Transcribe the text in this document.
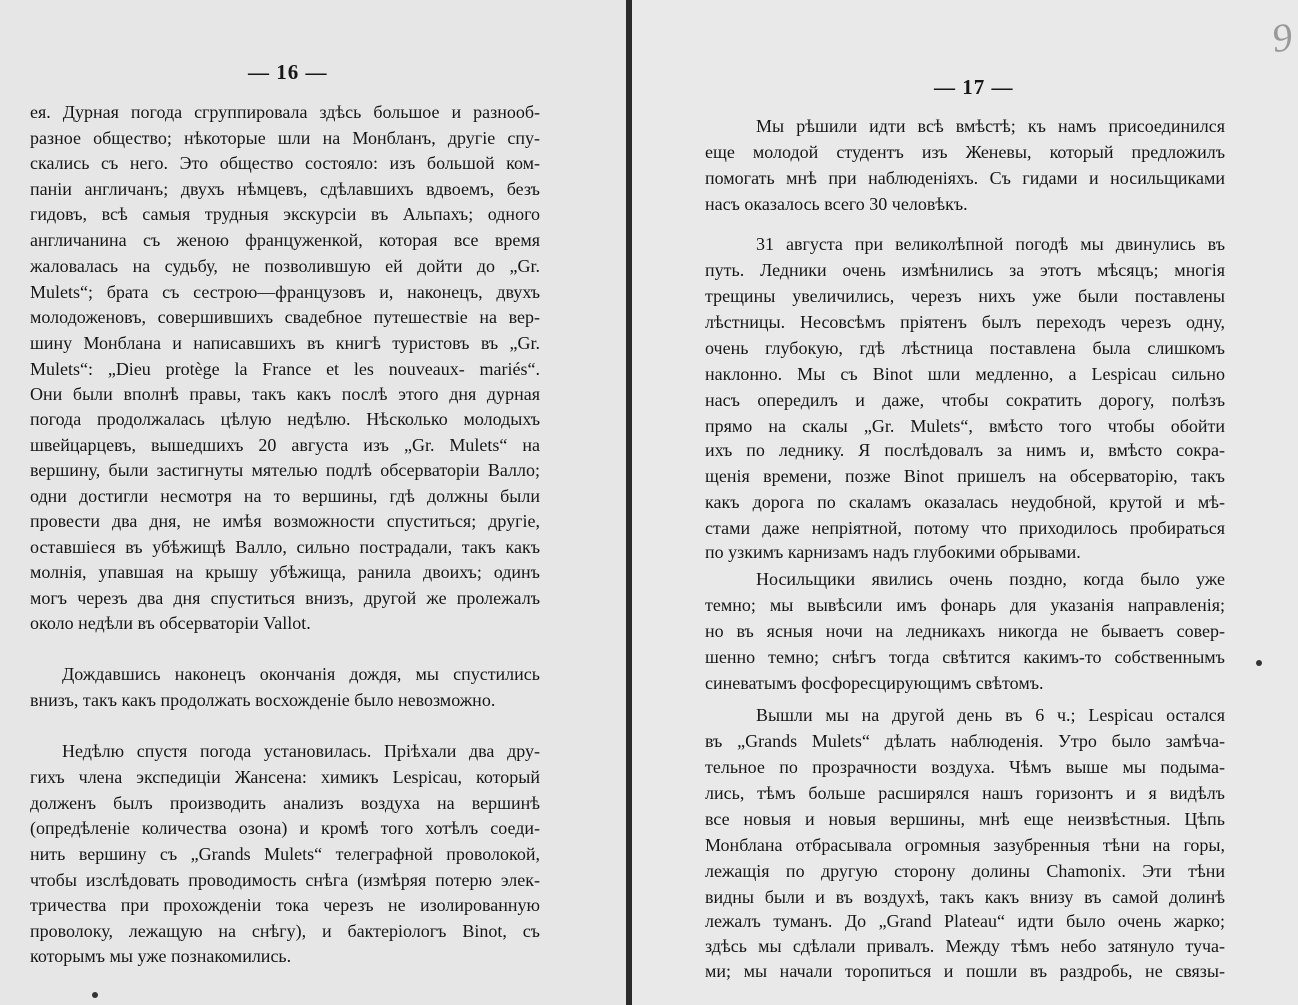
— 16 —
ея. Дурная погода сгруппировала здѣсь большое и разнооб-
разное общество; нѣкоторые шли на Монбланъ, другіе спу-
скались съ него. Это общество состояло: изъ большой ком-
паніи англичанъ; двухъ нѣмцевъ, сдѣлавшихъ вдвоемъ, безъ
гидовъ, всѣ самыя трудныя экскурсіи въ Альпахъ; одного
англичанина съ женою француженкой, которая все время
жаловалась на судьбу, не позволившую ей дойти до „Gr.
Mulets“; брата съ сестрою—французовъ и, наконецъ, двухъ
молодоженовъ, совершившихъ свадебное путешествіе на вер-
шину Монблана и написавшихъ въ книгѣ туристовъ въ „Gr.
Mulets“: „Dieu protège la France et les nouveaux- mariés“.
Они были вполнѣ правы, такъ какъ послѣ этого дня дурная
погода продолжалась цѣлую недѣлю. Нѣсколько молодыхъ
швейцарцевъ, вышедшихъ 20 августа изъ „Gr. Mulets“ на
вершину, были застигнуты мятелью подлѣ обсерваторіи Валло;
одни достигли несмотря на то вершины, гдѣ должны были
провести два дня, не имѣя возможности спуститься; другіе,
оставшіеся въ убѣжищѣ Валло, сильно пострадали, такъ какъ
молнія, упавшая на крышу убѣжища, ранила двоихъ; одинъ
могъ черезъ два дня спуститься внизъ, другой же пролежалъ
около недѣли въ обсерваторіи Vallot.
Дождавшись наконецъ окончанія дождя, мы спустились
внизъ, такъ какъ продолжать восхожденіе было невозможно.
Недѣлю спустя погода установилась. Пріѣхали два дру-
гихъ члена экспедиціи Жансена: химикъ Lespicau, который
долженъ былъ производить анализъ воздуха на вершинѣ
(опредѣленіе количества озона) и кромѣ того хотѣлъ соеди-
нить вершину съ „Grands Mulets“ телеграфной проволокой,
чтобы изслѣдовать проводимость снѣга (измѣряя потерю элек-
тричества при прохожденіи тока черезъ не изолированную
проволоку, лежащую на снѣгу), и бактеріологъ Binot, съ
которымъ мы уже познакомились.
— 17 —
9
Мы рѣшили идти всѣ вмѣстѣ; къ намъ присоединился
еще молодой студентъ изъ Женевы, который предложилъ
помогать мнѣ при наблюденіяхъ. Съ гидами и носильщиками
насъ оказалось всего 30 человѣкъ.
31 августа при великолѣпной погодѣ мы двинулись въ
путь. Ледники очень измѣнились за этотъ мѣсяцъ; многія
трещины увеличились, черезъ нихъ уже были поставлены
лѣстницы. Несовсѣмъ пріятенъ былъ переходъ черезъ одну,
очень глубокую, гдѣ лѣстница поставлена была слишкомъ
наклонно. Мы съ Binot шли медленно, а Lespicau сильно
насъ опередилъ и даже, чтобы сократить дорогу, полѣзъ
прямо на скалы „Gr. Mulets“, вмѣсто того чтобы обойти
ихъ по леднику. Я послѣдовалъ за нимъ и, вмѣсто сокра-
щенія времени, позже Binot пришелъ на обсерваторію, такъ
какъ дорога по скаламъ оказалась неудобной, крутой и мѣ-
стами даже непріятной, потому что приходилось пробираться
по узкимъ карнизамъ надъ глубокими обрывами.
Носильщики явились очень поздно, когда было уже
темно; мы вывѣсили имъ фонарь для указанія направленія;
но въ ясныя ночи на ледникахъ никогда не бываетъ совер-
шенно темно; снѣгъ тогда свѣтится какимъ-то собственнымъ
синеватымъ фосфоресцирующимъ свѣтомъ.
Вышли мы на другой день въ 6 ч.; Lespicau остался
въ „Grands Mulets“ дѣлать наблюденія. Утро было замѣча-
тельное по прозрачности воздуха. Чѣмъ выше мы подыма-
лись, тѣмъ больше расширялся нашъ горизонтъ и я видѣлъ
все новыя и новыя вершины, мнѣ еще неизвѣстныя. Цѣпь
Монблана отбрасывала огромныя зазубренныя тѣни на горы,
лежащія по другую сторону долины Chamonix. Эти тѣни
видны были и въ воздухѣ, такъ какъ внизу въ самой долинѣ
лежалъ туманъ. До „Grand Plateau“ идти было очень жарко;
здѣсь мы сдѣлали привалъ. Между тѣмъ небо затянуло туча-
ми; мы начали торопиться и пошли въ раздробь, не связы-
